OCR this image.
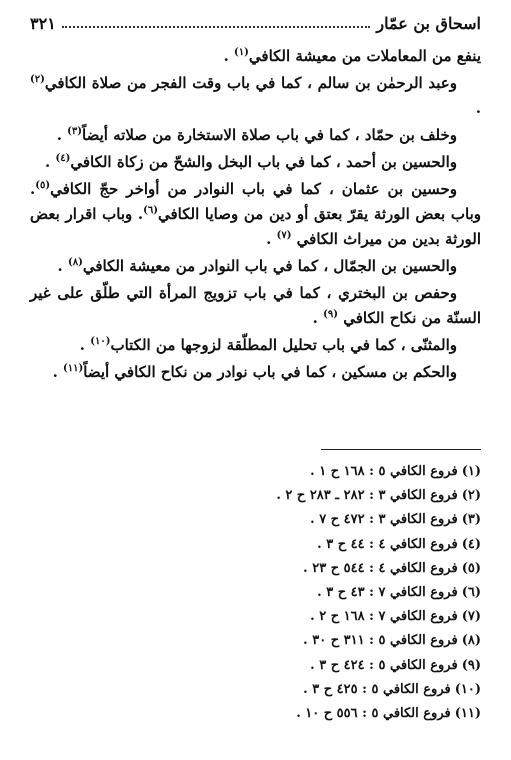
اسحاق بن عمّار
٣٢١

ينفع من المعاملات من معيشة الكافي$^{(١)}$ .

وعبد الرحمٰن بن سالم ، كما في باب وقت الفجر من صلاة الكافي$^{(٢)}$ .

وخلف بن حمّاد ، كما في باب صلاة الاستخارة من صلاته أيضاً$^{(٣)}$ .

والحسين بن أحمد ، كما في باب البخل والشحّ من زكاة الكافي$^{(٤)}$ .

وحسين بن عثمان ، كما في باب النوادر من أواخر حجّ الكافي$^{(٥)}$. وباب بعض الورثة يقرّ بعتق أو دين من وصايا الكافي$^{(٦)}$. وباب اقرار بعض الورثة بدين من ميراث الكافي $^{(٧)}$ .

والحسين بن الجمّال ، كما في باب النوادر من معيشة الكافي$^{(٨)}$ .

وحفص بن البختري ، كما في باب تزويج المرأة التي طلّق على غير السنّة من نكاح الكافي $^{(٩)}$ .

والمثنّى ، كما في باب تحليل المطلّقة لزوجها من الكتاب$^{(١٠)}$ .

والحكم بن مسكين ، كما في باب نوادر من نكاح الكافي أيضاً$^{(١١)}$ .

(١)فروع الكافي ٥ : ١٦٨ ح ١ .
(٢)فروع الكافي ٣ : ٢٨٢ ـ ٢٨٣ ح ٢ .
(٣)فروع الكافي ٣ : ٤٧٢ ح ٧ .
(٤)فروع الكافي ٤ : ٤٤ ح ٣ .
(٥)فروع الكافي ٤ : ٥٤٤ ح ٢٣ .
(٦)فروع الكافي ٧ : ٤٣ ح ٣ .
(٧)فروع الكافي ٧ : ١٦٨ ح ٢ .
(٨)فروع الكافي ٥ : ٣١١ ح ٣٠ .
(٩)فروع الكافي ٥ : ٤٢٤ ح ٣ .
(١٠)فروع الكافي ٥ : ٤٢٥ ح ٣ .
(١١)فروع الكافي ٥ : ٥٥٦ ح ١٠ .
